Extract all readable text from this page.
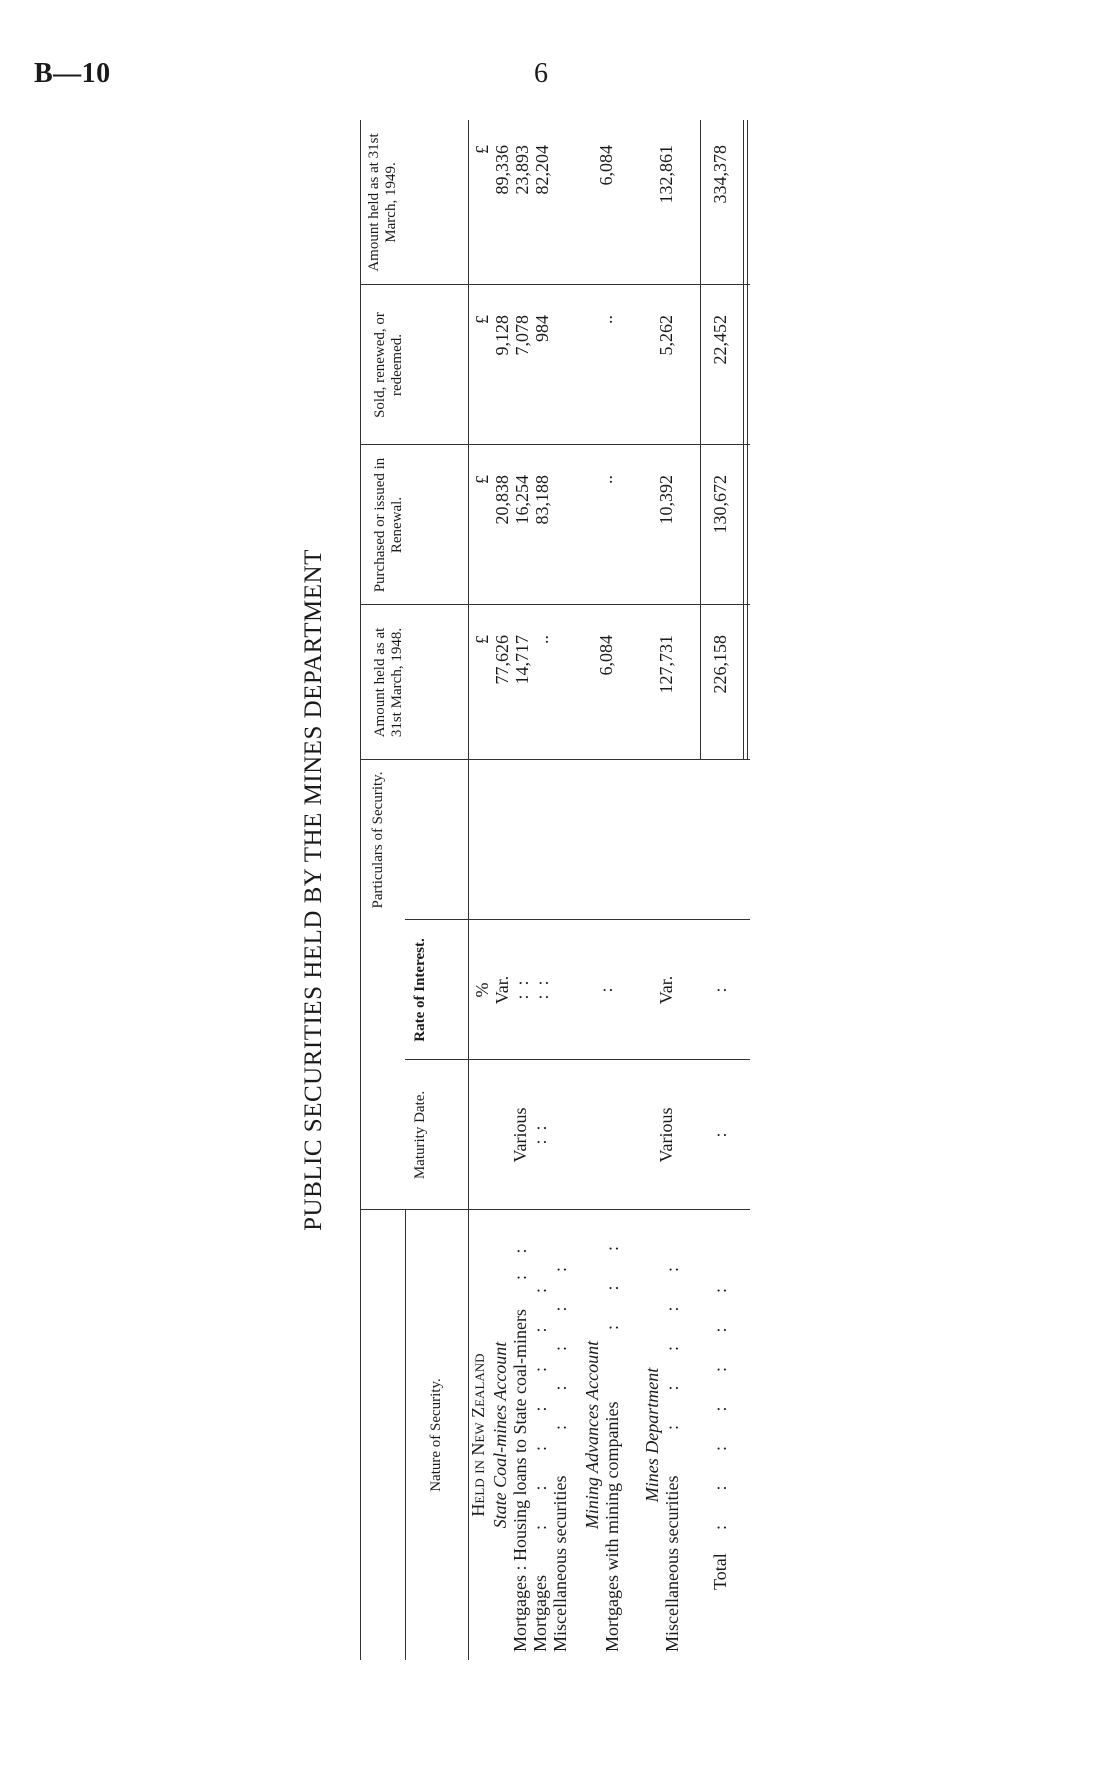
B—10	6
PUBLIC SECURITIES HELD BY THE MINES DEPARTMENT	Particulars of Security.
Nature of Security.
Maturity Date.
Rate of Interest.
Amount held as at 31st March, 1948.
Purchased or issued in Renewal.
Sold, renewed, or redeemed.
Amount held as at 31st March, 1949.
%
£
£
£
£
Held in New Zealand State Coal-mines Account Mortgages : Housing loans to State coal-miners
:   :
Various
Var.
77,626
20,838
9,128
89,336
Mortgages
:     :     :     :     :     :     :
:  :
:  :
14,717
16,254
7,078
23,893
Miscellaneous securities
:     :     :     :     :
:  :
..
83,188
984
82,204
Mining Advances Account Mortgages with mining companies
:     :     :
:
6,084
..
..
6,084
Mines Department
Miscellaneous securities
:     :     :     :     :
Various
Var.
127,731
10,392
5,262
132,861
Total
:     :     :     :     :     :     :
:
:
226,158
130,672
22,452
334,378
